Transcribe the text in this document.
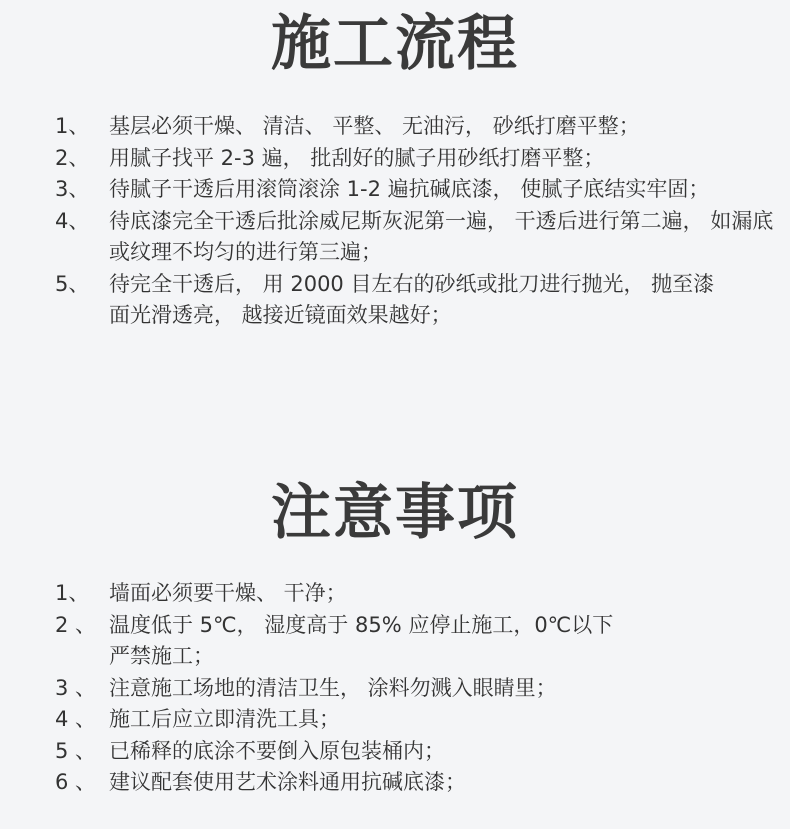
施工流程
1、 基层必须干燥、 清洁、 平整、 无油污， 砂纸打磨平整；
2、 用腻子找平 2-3 遍， 批刮好的腻子用砂纸打磨平整；
3、 待腻子干透后用滚筒滚涂 1-2 遍抗碱底漆， 使腻子底结实牢固；
4、 待底漆完全干透后批涂威尼斯灰泥第一遍， 干透后进行第二遍， 如漏底或纹理不均匀的进行第三遍；
5、 待完全干透后， 用 2000 目左右的砂纸或批刀进行抛光， 抛至漆面光滑透亮， 越接近镜面效果越好；
注意事项
1、 墙面必须要干燥、 干净；
2 、 温度低于 5℃， 湿度高于 85% 应停止施工，0℃以下严禁施工；
3 、 注意施工场地的清洁卫生， 涂料勿溅入眼睛里；
4 、 施工后应立即清洗工具；
5 、 已稀释的底涂不要倒入原包装桶内；
6 、 建议配套使用艺术涂料通用抗碱底漆；
